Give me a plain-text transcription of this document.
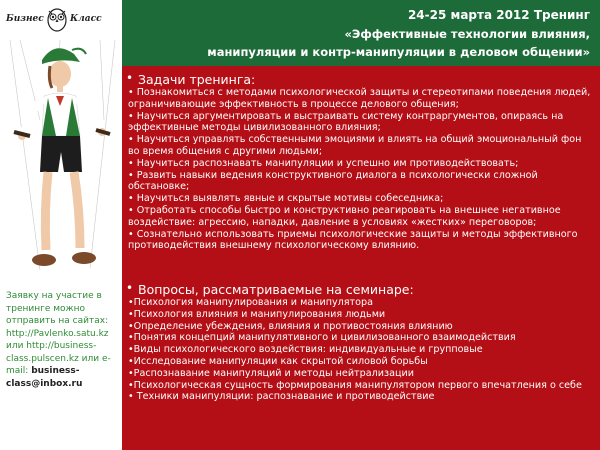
Бизнес	Класс
Заявку на участие в тренинге можно отправить на сайтах: http://Pavlenko.satu.kz или http://business-class.pulscen.kz или e-mail: business-class@inbox.ru
24-25 марта 2012 Тренинг
«Эффективные технологии влияния,
манипуляции и контр-манипуляции в деловом общении»
• Задачи тренинга:
• Познакомиться с методами психологической защиты и стереотипами поведения людей, ограничивающие эффективность в процессе делового общения;
• Научиться аргументировать и выстраивать систему контраргументов, опираясь на эффективные методы цивилизованного влияния;
• Научиться управлять собственными эмоциями и влиять на общий эмоциональный фон во время общения с другими людьми;
• Научиться распознавать манипуляции и успешно им противодействовать;
• Развить навыки ведения конструктивного диалога в психологически сложной обстановке;
• Научиться выявлять явные и скрытые мотивы собеседника;
• Отработать способы быстро и конструктивно реагировать на внешнее негативное воздействие: агрессию, нападки, давление в условиях «жестких» переговоров;
• Сознательно использовать приемы психологические защиты и методы эффективного противодействия внешнему психологическому влиянию.
• Вопросы, рассматриваемые на семинаре:
•Психология манипулирования и манипулятора
•Психология влияния и манипулирования людьми
•Определение убеждения, влияния и противостояния влиянию
•Понятия концепций манипулятивного и цивилизованного взаимодействия
•Виды психологического воздействия: индивидуальные и групповые
•Исследование манипуляции как скрытой силовой борьбы
•Распознавание манипуляций и методы нейтрализации
•Психологическая сущность формирования манипулятором первого впечатления о себе
• Техники манипуляции: распознавание и противодействие
